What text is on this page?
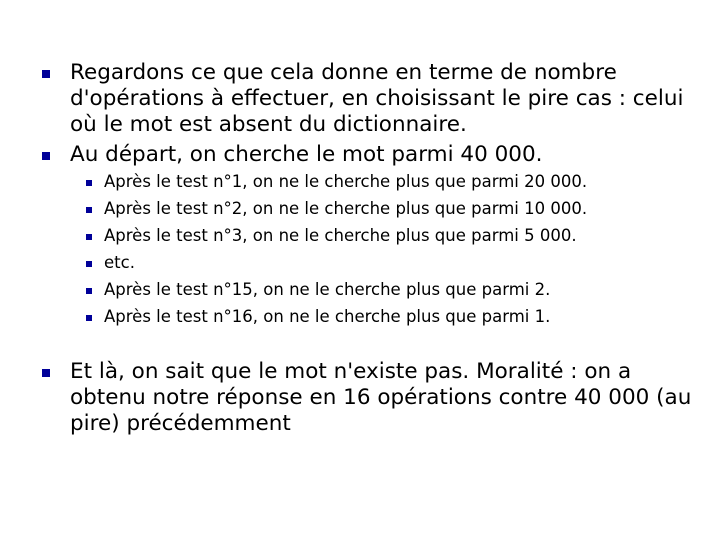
Regardons ce que cela donne en terme de nombre
d'opérations à effectuer, en choisissant le pire cas : celui
où le mot est absent du dictionnaire.
Au départ, on cherche le mot parmi 40 000.
Après le test n°1, on ne le cherche plus que parmi 20 000.
Après le test n°2, on ne le cherche plus que parmi 10 000.
Après le test n°3, on ne le cherche plus que parmi 5 000.
etc.
Après le test n°15, on ne le cherche plus que parmi 2.
Après le test n°16, on ne le cherche plus que parmi 1.
Et là, on sait que le mot n'existe pas. Moralité : on a
obtenu notre réponse en 16 opérations contre 40 000 (au
pire) précédemment
